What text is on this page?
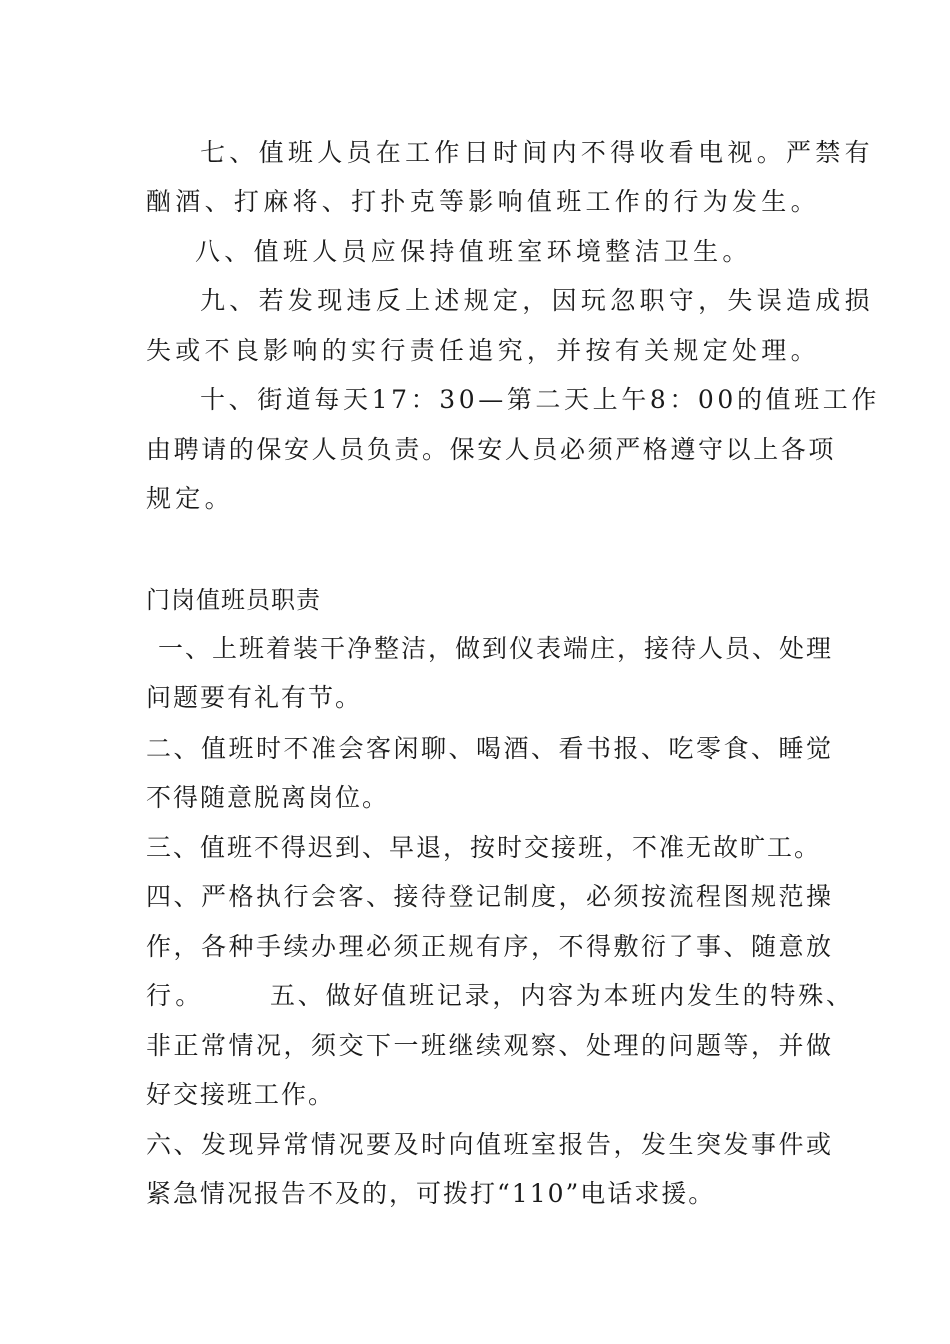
七、值班人员在工作日时间内不得收看电视。严禁有
酗酒、打麻将、打扑克等影响值班工作的行为发生。
八、值班人员应保持值班室环境整洁卫生。
九、若发现违反上述规定，因玩忽职守，失误造成损
失或不良影响的实行责任追究，并按有关规定处理。
十、街道每天17：30—第二天上午8：00的值班工作
由聘请的保安人员负责。保安人员必须严格遵守以上各项
规定。
门岗值班员职责
一、上班着装干净整洁，做到仪表端庄，接待人员、处理
问题要有礼有节。
二、值班时不准会客闲聊、喝酒、看书报、吃零食、睡觉
不得随意脱离岗位。
三、值班不得迟到、早退，按时交接班，不准无故旷工。
四、严格执行会客、接待登记制度，必须按流程图规范操
作，各种手续办理必须正规有序，不得敷衍了事、随意放
行。	五、做好值班记录，内容为本班内发生的特殊、
非正常情况，须交下一班继续观察、处理的问题等，并做
好交接班工作。
六、发现异常情况要及时向值班室报告，发生突发事件或
紧急情况报告不及的，可拨打“110”电话求援。
